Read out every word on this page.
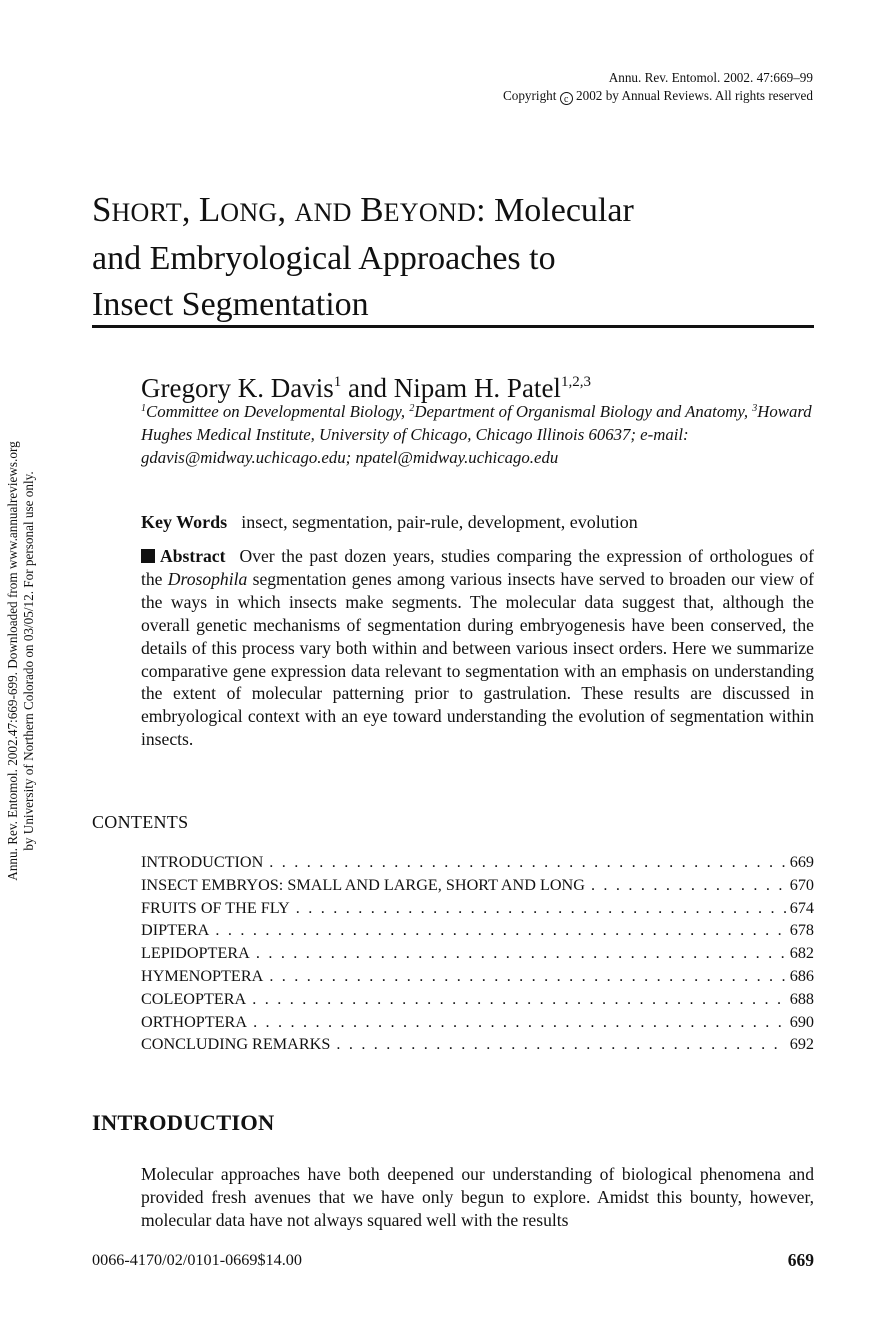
Annu. Rev. Entomol. 2002. 47:669–99
Copyright c 2002 by Annual Reviews. All rights reserved
Annu. Rev. Entomol. 2002.47:669-699. Downloaded from www.annualreviews.org by University of Northern Colorado on 03/05/12. For personal use only.
SHORT, LONG, AND BEYOND: Molecular
and Embryological Approaches to
Insect Segmentation
Gregory K. Davis$^1$ and Nipam H. Patel$^{1,2,3}$
$^1$Committee on Developmental Biology, $^2$Department of Organismal Biology and Anatomy, $^3$Howard Hughes Medical Institute, University of Chicago, Chicago Illinois 60637; e-mail: gdavis@midway.uchicago.edu; npatel@midway.uchicago.edu
Key Words insect, segmentation, pair-rule, development, evolution
Abstract Over the past dozen years, studies comparing the expression of orthologues of the Drosophila segmentation genes among various insects have served to broaden our view of the ways in which insects make segments. The molecular data suggest that, although the overall genetic mechanisms of segmentation during embryogenesis have been conserved, the details of this process vary both within and between various insect orders. Here we summarize comparative gene expression data relevant to segmentation with an emphasis on understanding the extent of molecular patterning prior to gastrulation. These results are discussed in embryological context with an eye toward understanding the evolution of segmentation within insects.
CONTENTS
INTRODUCTION . . .	669
INSECT EMBRYOS: SMALL AND LARGE, SHORT AND LONG . . .	670
FRUITS OF THE FLY . . .	674
DIPTERA . . .	678
LEPIDOPTERA . . .	682
HYMENOPTERA . . .	686
COLEOPTERA . . .	688
ORTHOPTERA . . .	690
CONCLUDING REMARKS . . .	692
INTRODUCTION
Molecular approaches have both deepened our understanding of biological phenomena and provided fresh avenues that we have only begun to explore. Amidst this bounty, however, molecular data have not always squared well with the results
0066-4170/02/0101-0669$14.00	669
